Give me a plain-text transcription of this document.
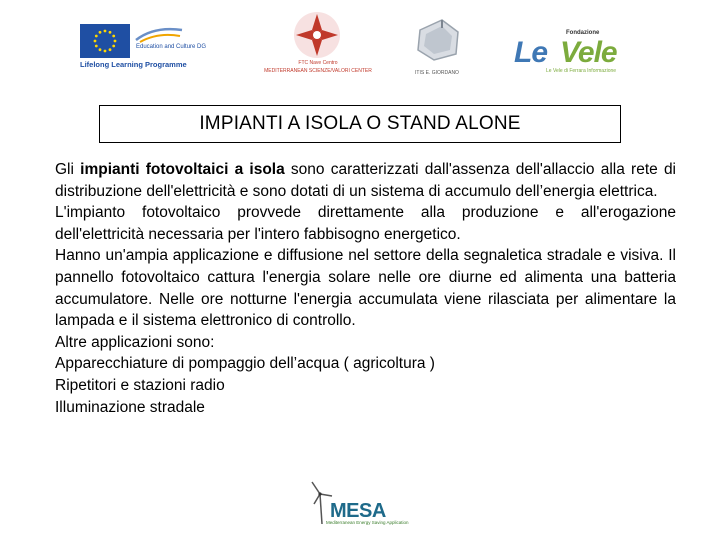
Education and Culture DG
Lifelong Learning Programme	FTC Nave Centro
MEDITERRANEAN SCIENZE/VALORI CENTER	ITIS E. GIORDANO
Fondazione
Le Vele
Le Vele di Ferrara Informazione
IMPIANTI A ISOLA O STAND ALONE

Gli impianti fotovoltaici a isola sono caratterizzati dall'assenza dell'allaccio alla rete di distribuzione dell'elettricità e sono dotati di un sistema di accumulo dell’energia elettrica.

L'impianto fotovoltaico provvede direttamente alla produzione e all'erogazione dell'elettricità necessaria per l'intero fabbisogno energetico.

Hanno un'ampia applicazione e diffusione nel settore della segnaletica stradale e visiva. Il pannello fotovoltaico cattura l'energia solare nelle ore diurne ed alimenta una batteria accumulatore. Nelle ore notturne l'energia accumulata viene rilasciata per alimentare la lampada e il sistema elettronico di controllo.

Altre applicazioni sono:

Apparecchiature di pompaggio dell’acqua ( agricoltura )

Ripetitori e stazioni radio

Illuminazione stradale

MESA
Mediterranean Energy Saving Application
